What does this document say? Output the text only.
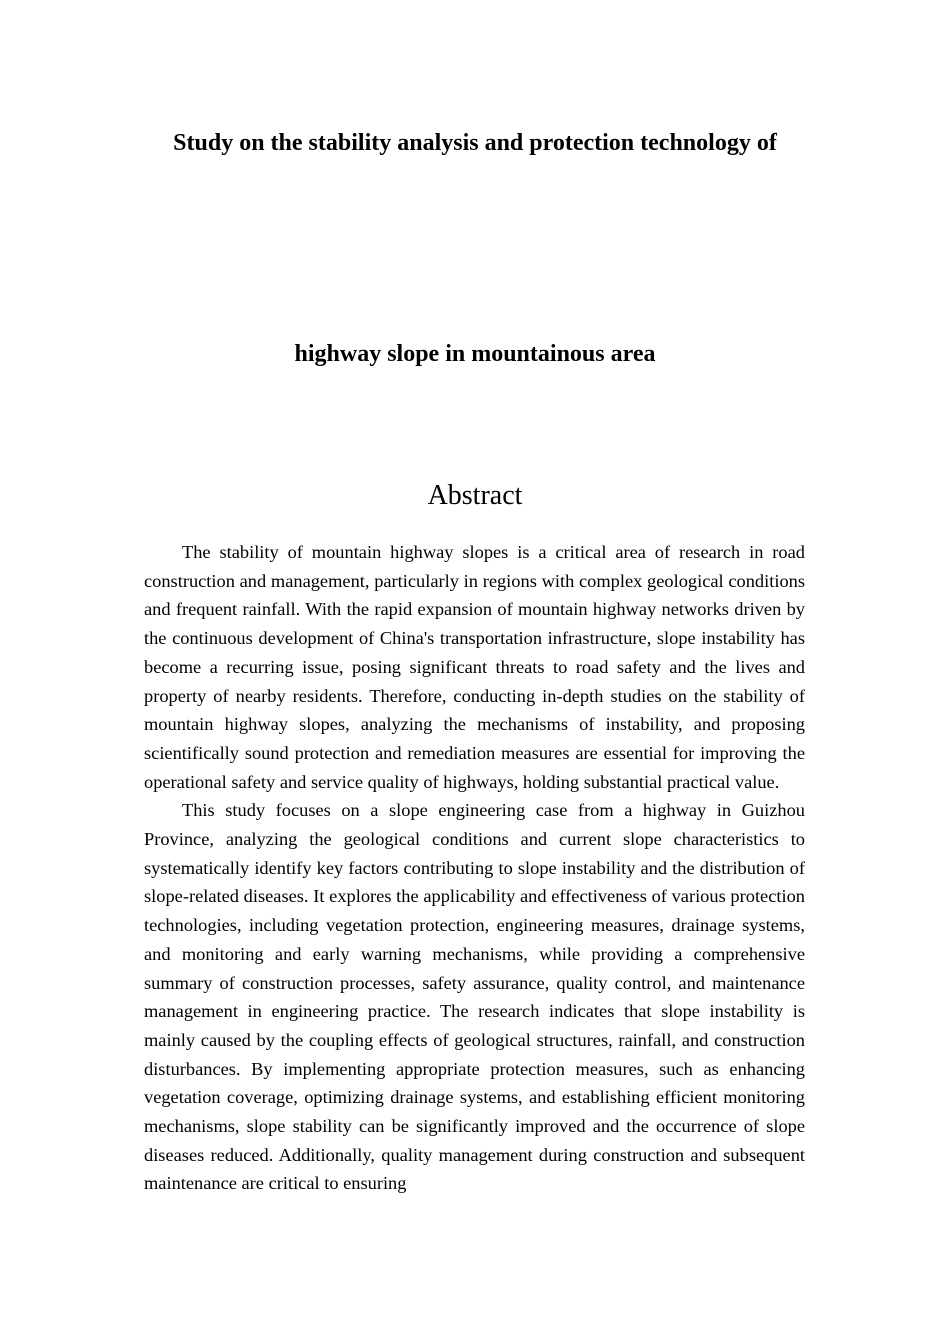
Study on the stability analysis and protection technology of
highway slope in mountainous area
Abstract

The stability of mountain highway slopes is a critical area of research in road construction and management, particularly in regions with complex geological conditions and frequent rainfall. With the rapid expansion of mountain highway networks driven by the continuous development of China's transportation infrastructure, slope instability has become a recurring issue, posing significant threats to road safety and the lives and property of nearby residents. Therefore, conducting in-depth studies on the stability of mountain highway slopes, analyzing the mechanisms of instability, and proposing scientifically sound protection and remediation measures are essential for improving the operational safety and service quality of highways, holding substantial practical value.

This study focuses on a slope engineering case from a highway in Guizhou Province, analyzing the geological conditions and current slope characteristics to systematically identify key factors contributing to slope instability and the distribution of slope-related diseases. It explores the applicability and effectiveness of various protection technologies, including vegetation protection, engineering measures, drainage systems, and monitoring and early warning mechanisms, while providing a comprehensive summary of construction processes, safety assurance, quality control, and maintenance management in engineering practice. The research indicates that slope instability is mainly caused by the coupling effects of geological structures, rainfall, and construction disturbances. By implementing appropriate protection measures, such as enhancing vegetation coverage, optimizing drainage systems, and establishing efficient monitoring mechanisms, slope stability can be significantly improved and the occurrence of slope diseases reduced. Additionally, quality management during construction and subsequent maintenance are critical to ensuring
